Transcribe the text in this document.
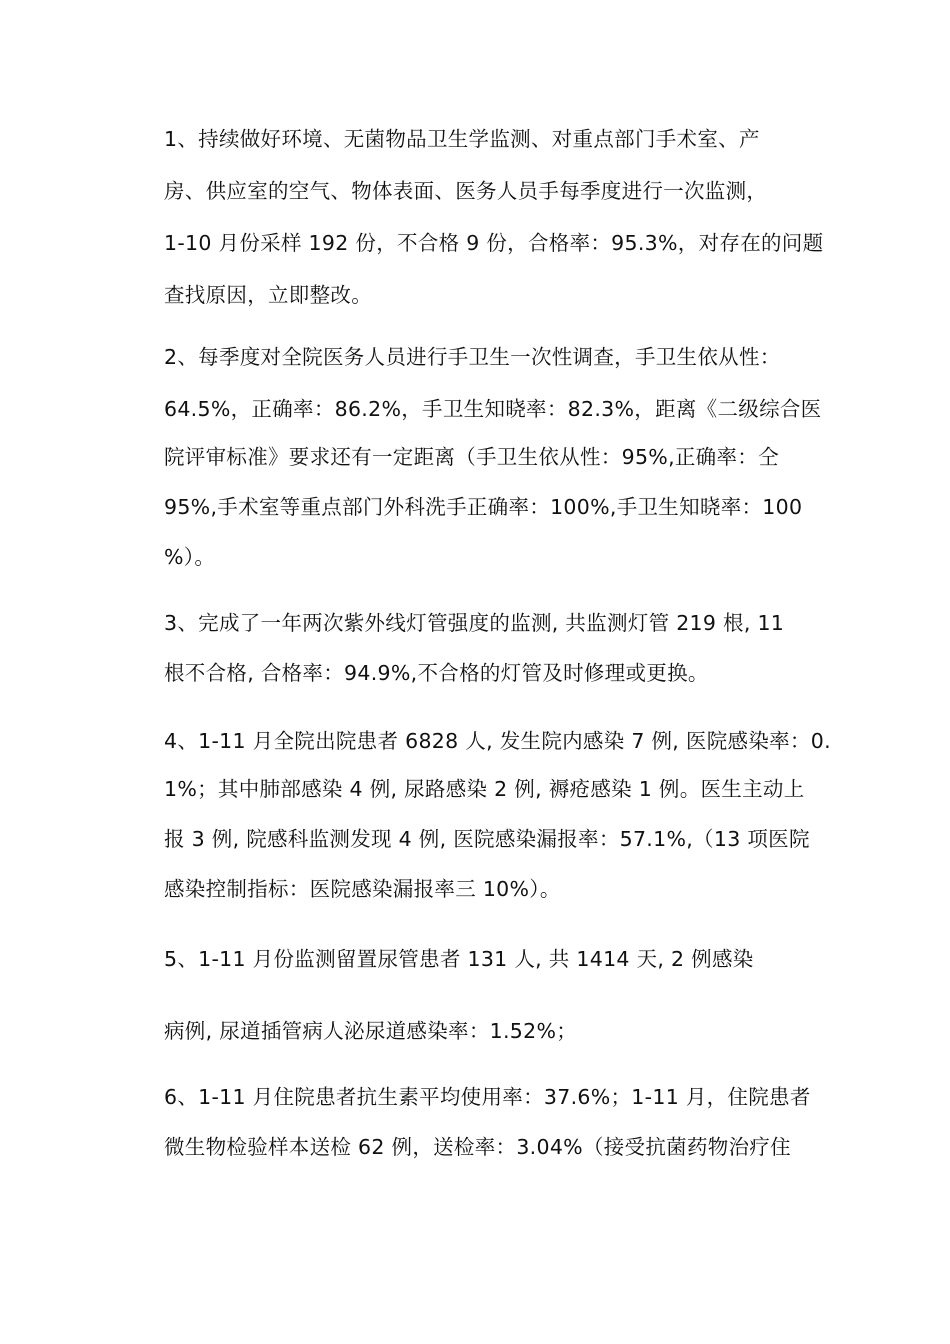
1、持续做好环境、无菌物品卫生学监测、对重点部门手术室、产
房、供应室的空气、物体表面、医务人员手每季度进行一次监测，
1-10 月份采样 192 份，不合格 9 份，合格率：95.3%，对存在的问题
查找原因，立即整改。
2、每季度对全院医务人员进行手卫生一次性调查，手卫生依从性：
64.5%，正确率：86.2%，手卫生知晓率：82.3%，距离《二级综合医
院评审标准》要求还有一定距离（手卫生依从性：95%,正确率：仝
95%,手术室等重点部门外科洗手正确率：100%,手卫生知晓率：100
%）。
3、完成了一年两次紫外线灯管强度的监测, 共监测灯管 219 根, 11
根不合格, 合格率：94.9%,不合格的灯管及时修理或更换。
4、1-11 月全院出院患者 6828 人, 发生院内感染 7 例, 医院感染率：0.
1%；其中肺部感染 4 例, 尿路感染 2 例, 褥疮感染 1 例。医生主动上
报 3 例, 院感科监测发现 4 例, 医院感染漏报率：57.1%,（13 项医院
感染控制指标：医院感染漏报率三 10%）。
5、1-11 月份监测留置尿管患者 131 人, 共 1414 天, 2 例感染
病例, 尿道插管病人泌尿道感染率：1.52%；
6、1-11 月住院患者抗生素平均使用率：37.6%；1-11 月，住院患者
微生物检验样本送检 62 例，送检率：3.04%（接受抗菌药物治疗住
